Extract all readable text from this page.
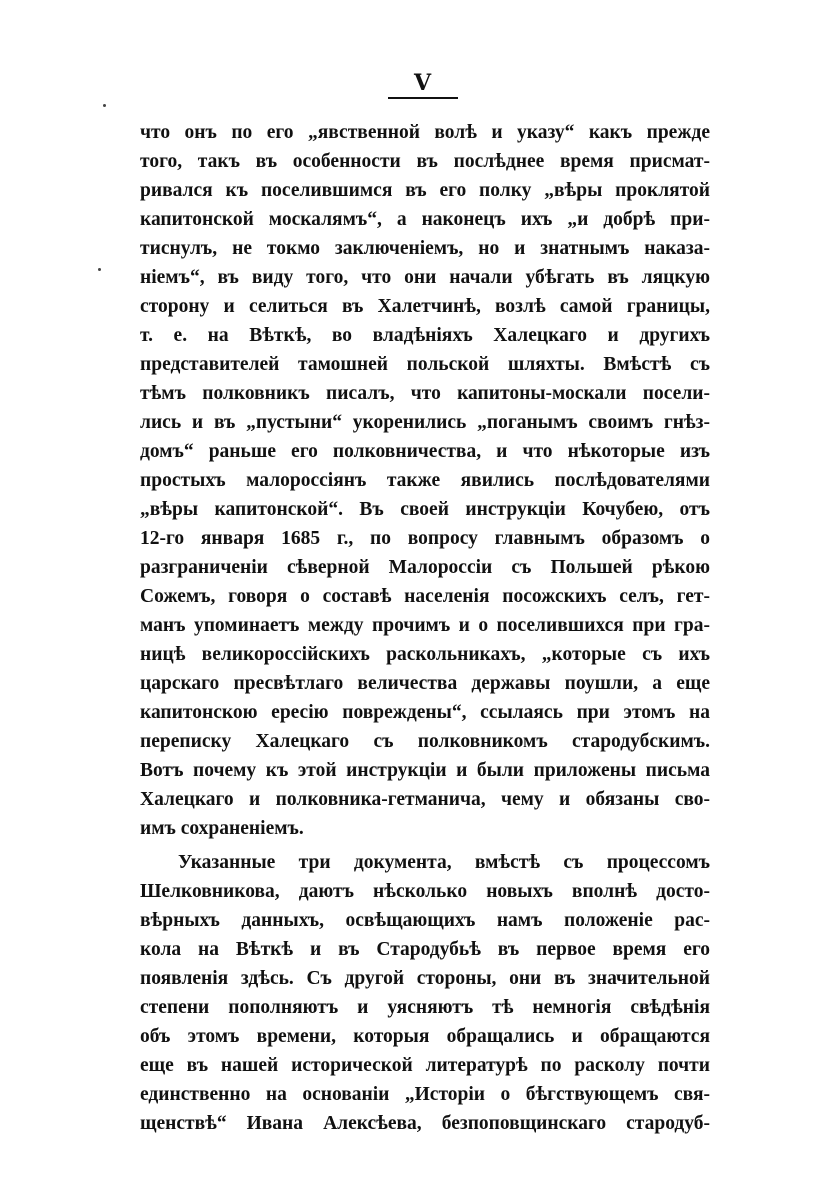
V
что онъ по его „явственной волѣ и указу“ какъ прежде
того, такъ въ особенности въ послѣднее время присмат-
ривался къ поселившимся въ его полку „вѣры проклятой
капитонской москалямъ“, а наконецъ ихъ „и добрѣ при-
тиснулъ, не токмо заключеніемъ, но и знатнымъ наказа-
ніемъ“, въ виду того, что они начали убѣгать въ ляцкую
сторону и селиться въ Халетчинѣ, возлѣ самой границы,
т. е. на Вѣткѣ, во владѣніяхъ Халецкаго и другихъ
представителей тамошней польской шляхты. Вмѣстѣ съ
тѣмъ полковникъ писалъ, что капитоны-москали посели-
лись и въ „пустыни“ укоренились „поганымъ своимъ гнѣз-
домъ“ раньше его полковничества, и что нѣкоторые изъ
простыхъ малороссіянъ также явились послѣдователями
„вѣры капитонской“. Въ своей инструкціи Кочубею, отъ
12-го января 1685 г., по вопросу главнымъ образомъ о
разграниченіи сѣверной Малороссіи съ Польшей рѣкою
Сожемъ, говоря о составѣ населенія посожскихъ селъ, гет-
манъ упоминаетъ между прочимъ и о поселившихся при гра-
ницѣ великороссійскихъ раскольникахъ, „которые съ ихъ
царскаго пресвѣтлаго величества державы поушли, а еще
капитонскою ересію повреждены“, ссылаясь при этомъ на
переписку Халецкаго съ полковникомъ стародубскимъ.
Вотъ почему къ этой инструкціи и были приложены письма
Халецкаго и полковника-гетманича, чему и обязаны сво-
имъ сохраненіемъ.
Указанные три документа, вмѣстѣ съ процессомъ
Шелковникова, даютъ нѣсколько новыхъ вполнѣ досто-
вѣрныхъ данныхъ, освѣщающихъ намъ положеніе рас-
кола на Вѣткѣ и въ Стародубьѣ въ первое время его
появленія здѣсь. Съ другой стороны, они въ значительной
степени пополняютъ и уясняютъ тѣ немногія свѣдѣнія
объ этомъ времени, которыя обращались и обращаются
еще въ нашей исторической литературѣ по расколу почти
единственно на основаніи „Исторіи о бѣгствующемъ свя-
щенствѣ“ Ивана Алексѣева, безпоповщинскаго стародуб-
